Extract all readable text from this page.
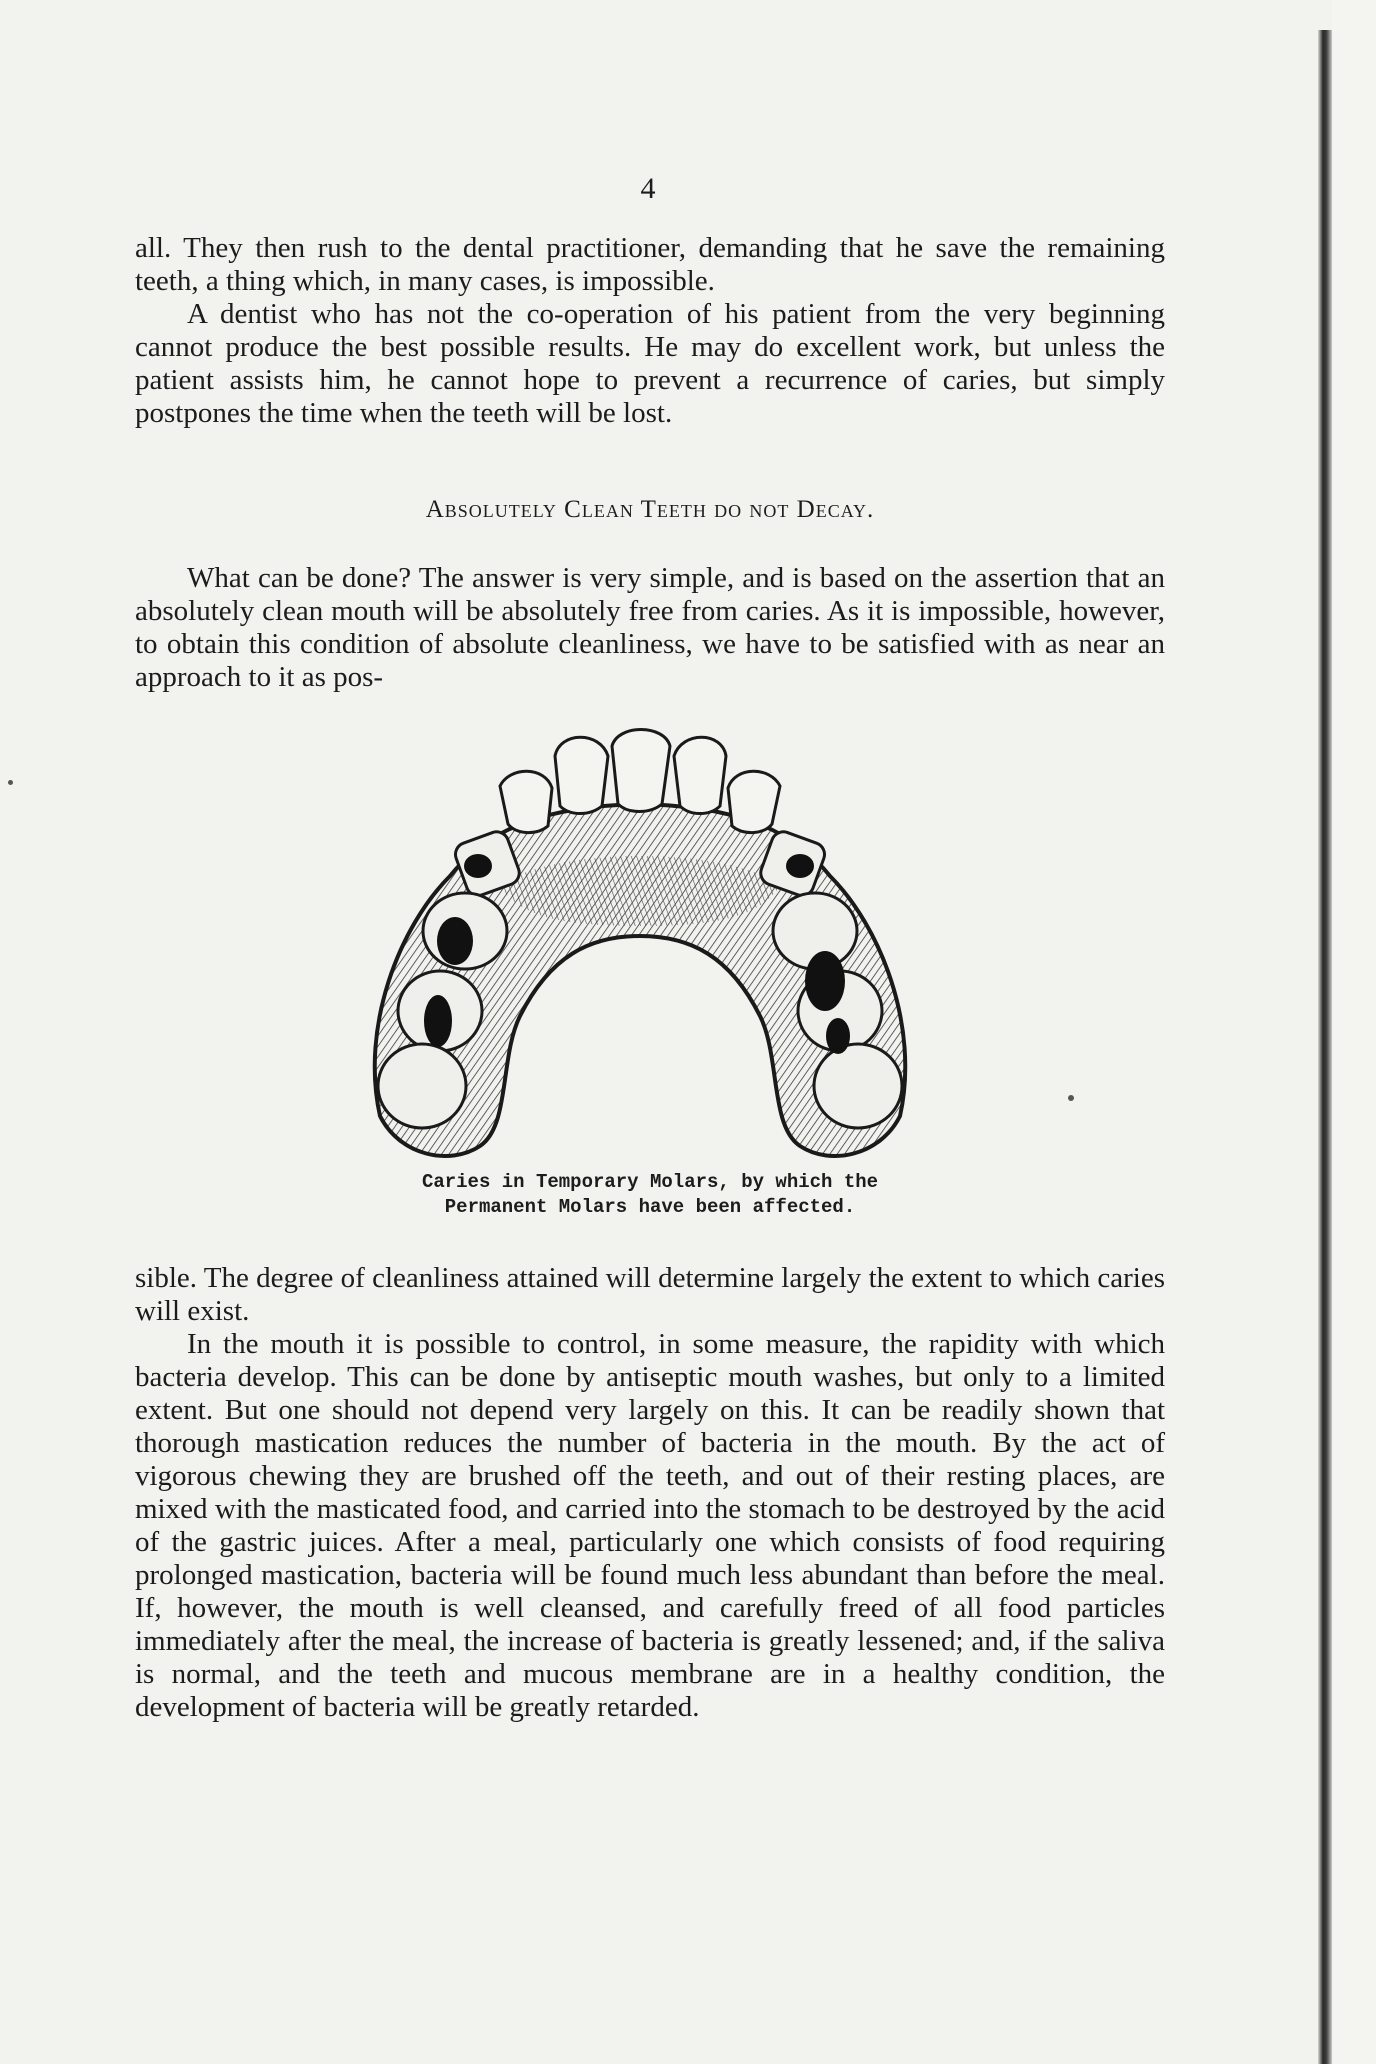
4

all. They then rush to the dental practitioner, demanding that he save the remaining teeth, a thing which, in many cases, is impossible.

A dentist who has not the co-operation of his patient from the very beginning cannot produce the best possible results. He may do excellent work, but unless the patient assists him, he cannot hope to prevent a recurrence of caries, but simply postpones the time when the teeth will be lost.

Absolutely Clean Teeth do not Decay.

What can be done? The answer is very simple, and is based on the assertion that an absolutely clean mouth will be absolutely free from caries. As it is impossible, however, to obtain this condition of absolute cleanliness, we have to be satisfied with as near an approach to it as pos-

Caries in Temporary Molars, by which the
Permanent Molars have been affected.

sible. The degree of cleanliness attained will determine largely the extent to which caries will exist.

In the mouth it is possible to control, in some measure, the rapidity with which bacteria develop. This can be done by antiseptic mouth washes, but only to a limited extent. But one should not depend very largely on this. It can be readily shown that thorough mastication reduces the number of bacteria in the mouth. By the act of vigorous chewing they are brushed off the teeth, and out of their resting places, are mixed with the masticated food, and carried into the stomach to be destroyed by the acid of the gastric juices. After a meal, particularly one which consists of food requiring prolonged mastication, bacteria will be found much less abundant than before the meal. If, however, the mouth is well cleansed, and carefully freed of all food particles immediately after the meal, the increase of bacteria is greatly lessened; and, if the saliva is normal, and the teeth and mucous membrane are in a healthy condition, the development of bacteria will be greatly retarded.
